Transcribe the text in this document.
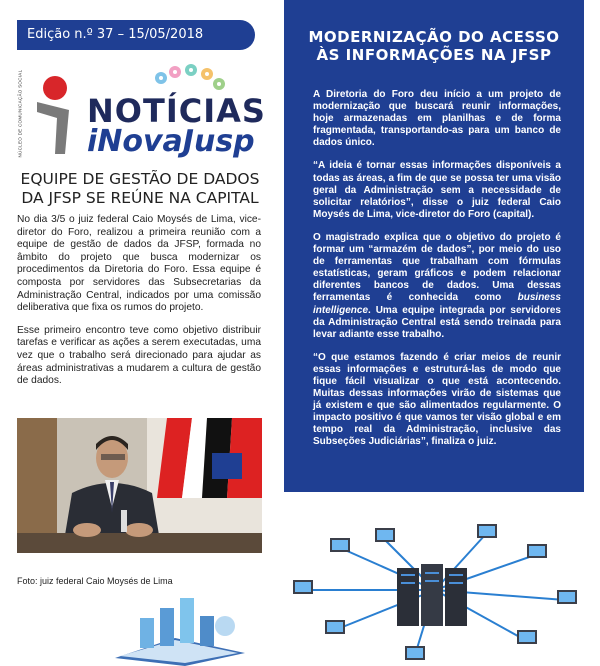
Edição n.º 37 – 15/05/2018
NÚCLEO DE COMUNICAÇÃO SOCIAL NOTÍCIAS
iNovaJusp
EQUIPE DE GESTÃO DE DADOS
DA JFSP SE REÚNE NA CAPITAL

No dia 3/5 o juiz federal Caio Moysés de Lima, vice-diretor do Foro, realizou a primeira reunião com a equipe de gestão de dados da JFSP, formada no âmbito do projeto que busca modernizar os procedimentos da Diretoria do Foro. Essa equipe é composta por servidores das Subsecretarias da Administração Central, indicados por uma comissão deliberativa que fixa os rumos do projeto.

Esse primeiro encontro teve como objetivo distribuir tarefas e verificar as ações a serem executadas, uma vez que o trabalho será direcionado para ajudar as áreas administrativas a mudarem a cultura de gestão de dados.

Foto: juiz federal Caio Moysés de Lima
MODERNIZAÇÃO DO ACESSO
ÀS INFORMAÇÕES NA JFSP

A Diretoria do Foro deu início a um projeto de modernização que buscará reunir informações, hoje armazenadas em planilhas e de forma fragmentada, transportando-as para um banco de dados único.

“A ideia é tornar essas informações disponíveis a todas as áreas, a fim de que se possa ter uma visão geral da Administração sem a necessidade de solicitar relatórios”, disse o juiz federal Caio Moysés de Lima, vice-diretor do Foro (capital).

O magistrado explica que o objetivo do projeto é formar um “armazém de dados”, por meio do uso de ferramentas que trabalham com fórmulas estatísticas, geram gráficos e podem relacionar diferentes bancos de dados. Uma dessas ferramentas é conhecida como business intelligence. Uma equipe integrada por servidores da Administração Central está sendo treinada para levar adiante esse trabalho.

“O que estamos fazendo é criar meios de reunir essas informações e estruturá-las de modo que fique fácil visualizar o que está acontecendo. Muitas dessas informações virão de sistemas que já existem e que são alimentados regularmente. O impacto positivo é que vamos ter visão global e em tempo real da Administração, inclusive das Subseções Judiciárias”, finaliza o juiz.
